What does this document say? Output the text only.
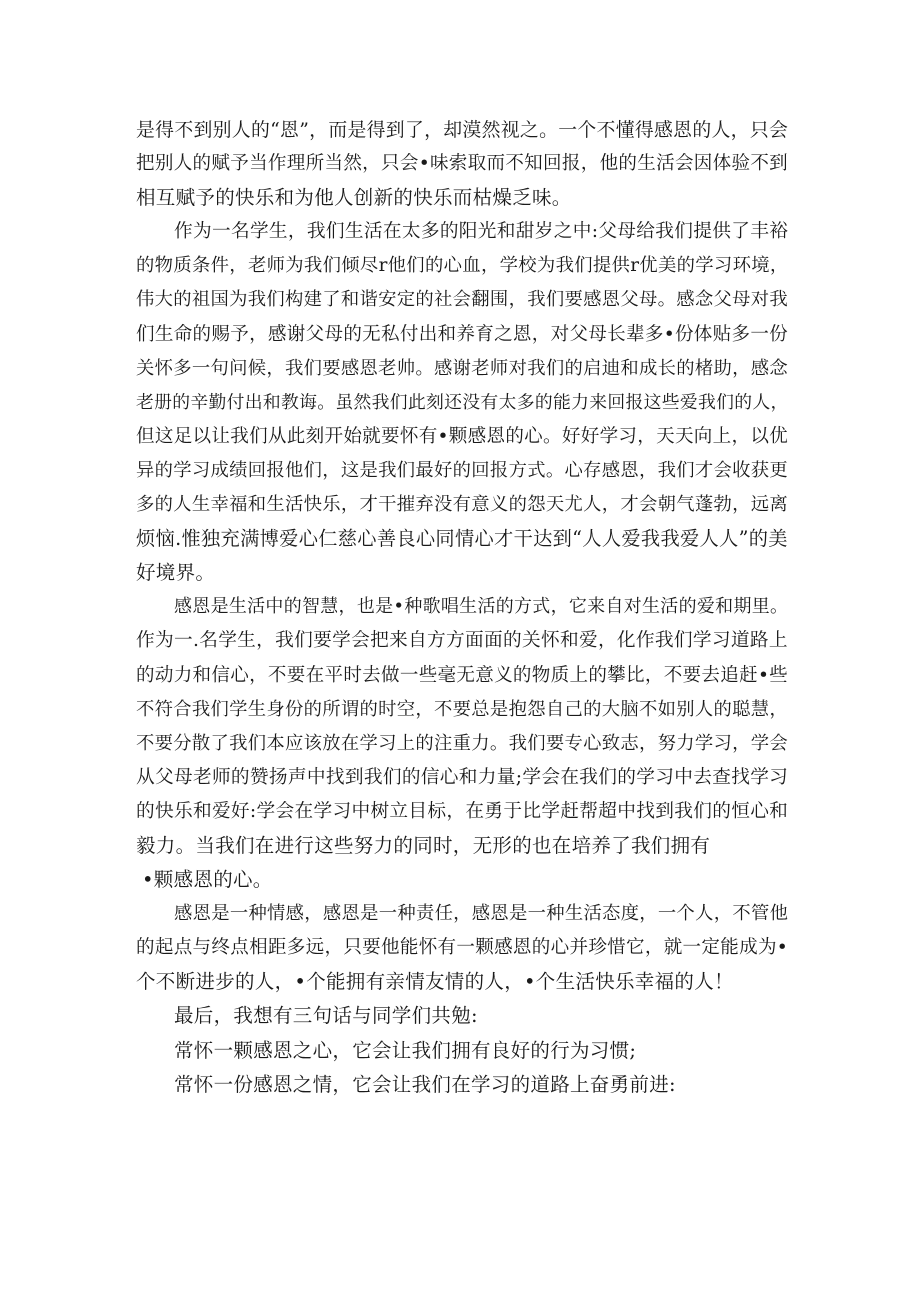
是得不到别人的“恩”，而是得到了，却漠然视之。一个不懂得感恩的人，只会
把别人的赋予当作理所当然，只会•味索取而不知回报，他的生活会因体验不到
相互赋予的快乐和为他人创新的快乐而枯燥乏味。
作为一名学生，我们生活在太多的阳光和甜岁之中:父母给我们提供了丰裕
的物质条件，老师为我们倾尽r他们的心血，学校为我们提供r优美的学习环境，
伟大的祖国为我们构建了和谐安定的社会翻围，我们要感恩父母。感念父母对我
们生命的赐予，感谢父母的无私付出和养育之恩，对父母长辈多•份体贴多一份
关怀多一句问候，我们要感恩老帅。感谢老师对我们的启迪和成长的楮助，感念
老册的辛勤付出和教诲。虽然我们此刻还没有太多的能力来回报这些爱我们的人，
但这足以让我们从此刻开始就要怀有•颗感恩的心。好好学习，天天向上，以优
异的学习成绩回报他们，这是我们最好的回报方式。心存感恩，我们才会收获更
多的人生幸福和生活快乐，才干摧弃没有意义的怨天尤人，才会朝气蓬勃，远离
烦恼.惟独充满博爱心仁慈心善良心同情心才干达到“人人爱我我爱人人”的美
好境界。
感恩是生活中的智慧，也是•种歌唱生活的方式，它来自对生活的爱和期里。
作为一.名学生，我们要学会把来自方方面面的关怀和爱，化作我们学习道路上
的动力和信心，不要在平时去做一些毫无意义的物质上的攀比，不要去追赶•些
不符合我们学生身份的所谓的时空，不要总是抱怨自己的大脑不如别人的聪慧，
不要分散了我们本应该放在学习上的注重力。我们要专心致志，努力学习，学会
从父母老师的赞扬声中找到我们的信心和力量;学会在我们的学习中去查找学习
的快乐和爱好:学会在学习中树立目标，在勇于比学赶帮超中找到我们的恒心和
毅力。当我们在进行这些努力的同时，无形的也在培养了我们拥有
•颗感恩的心。
感恩是一种情感，感恩是一种责任，感恩是一种生活态度，一个人，不管他
的起点与终点相距多远，只要他能怀有一颗感恩的心并珍惜它，就一定能成为•
个不断进步的人，•个能拥有亲情友情的人，•个生活快乐幸福的人！
最后，我想有三句话与同学们共勉:
常怀一颗感恩之心，它会让我们拥有良好的行为习惯;
常怀一份感恩之情，它会让我们在学习的道路上奋勇前进:
